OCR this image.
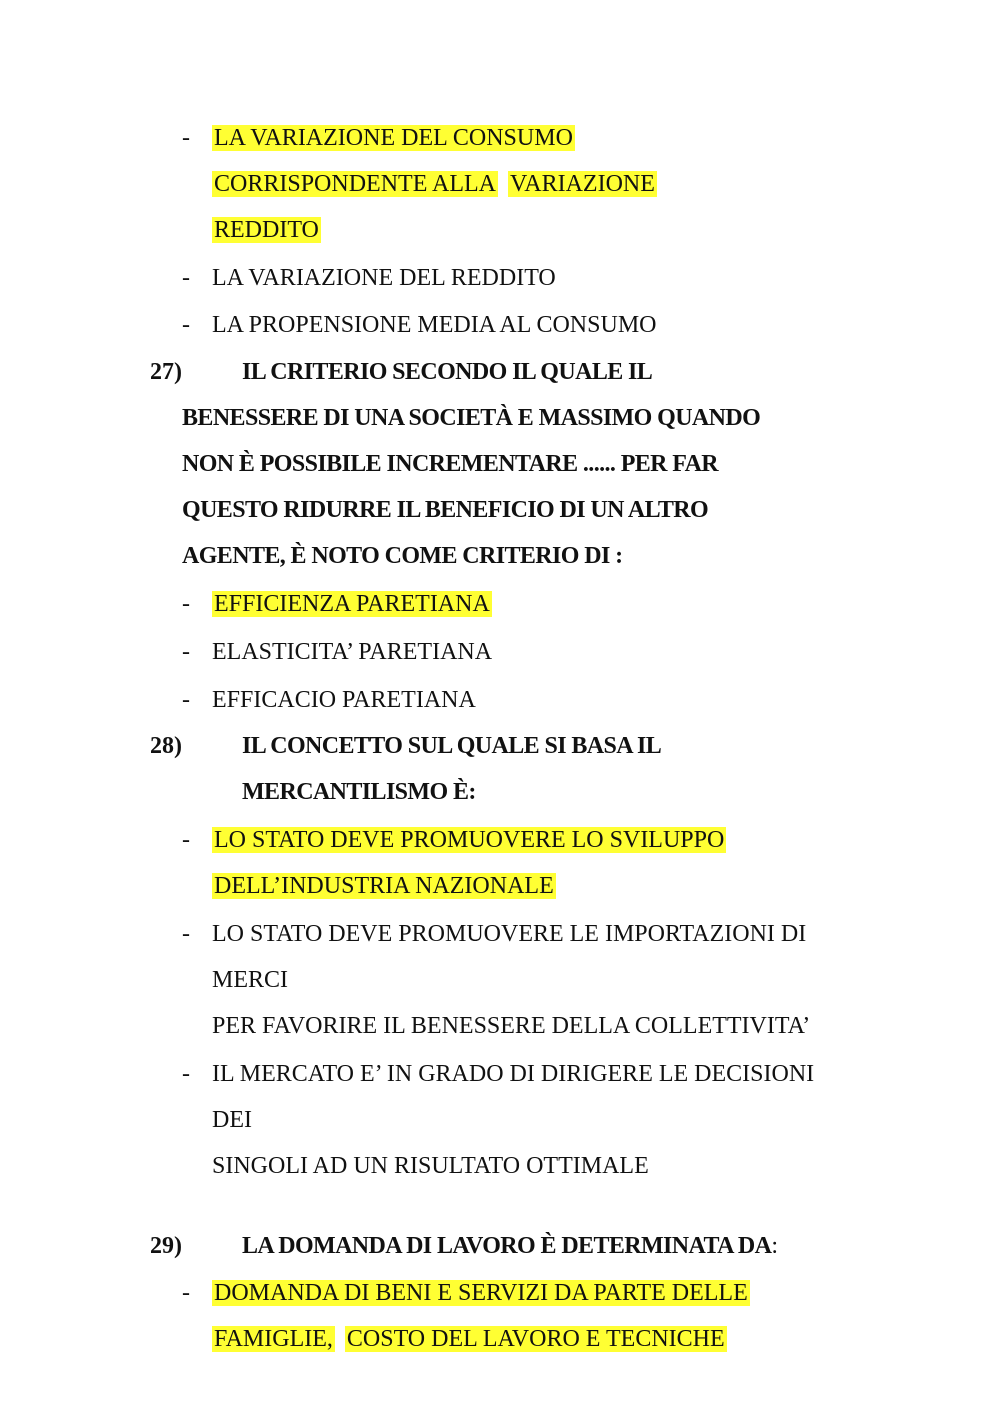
- LA VARIAZIONE DEL CONSUMO
CORRISPONDENTE ALLA VARIAZIONE
REDDITO
- LA VARIAZIONE DEL REDDITO
- LA PROPENSIONE MEDIA AL CONSUMO
27)	IL CRITERIO SECONDO IL QUALE IL
BENESSERE DI UNA SOCIETÀ E MASSIMO QUANDO
NON È POSSIBILE INCREMENTARE ...... PER FAR
QUESTO RIDURRE IL BENEFICIO DI UN ALTRO
AGENTE, È NOTO COME CRITERIO DI :
- EFFICIENZA PARETIANA
- ELASTICITA’ PARETIANA
- EFFICACIO PARETIANA
28)	IL CONCETTO SUL QUALE SI BASA IL
MERCANTILISMO È:
- LO STATO DEVE PROMUOVERE LO SVILUPPO
DELL’INDUSTRIA NAZIONALE
- LO STATO DEVE PROMUOVERE LE IMPORTAZIONI DI
MERCI
PER FAVORIRE IL BENESSERE DELLA COLLETTIVITA’
- IL MERCATO E’ IN GRADO DI DIRIGERE LE DECISIONI
DEI
SINGOLI AD UN RISULTATO OTTIMALE
29)	LA DOMANDA DI LAVORO È DETERMINATA DA:
- DOMANDA DI BENI E SERVIZI DA PARTE DELLE
FAMIGLIE, COSTO DEL LAVORO E TECNICHE
